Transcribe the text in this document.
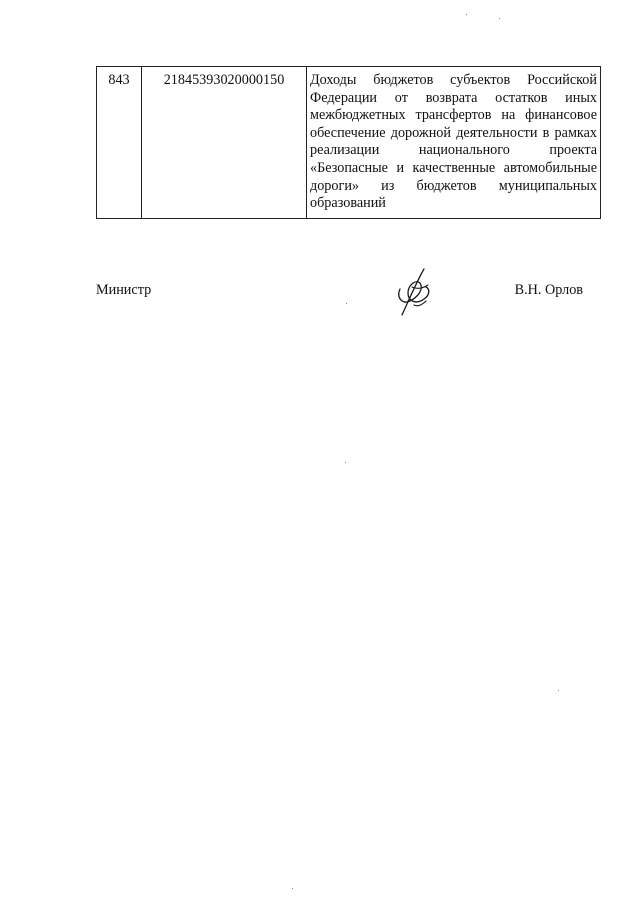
843	21845393020000150	Доходы бюджетов субъектов Российской Федерации от возврата остатков иных межбюджетных трансфертов на финансовое обеспечение дорожной деятельности в рамках реализации национального проекта «Безопасные и качественные автомобильные дороги» из бюджетов муниципальных образований
Министр	В.Н. Орлов
